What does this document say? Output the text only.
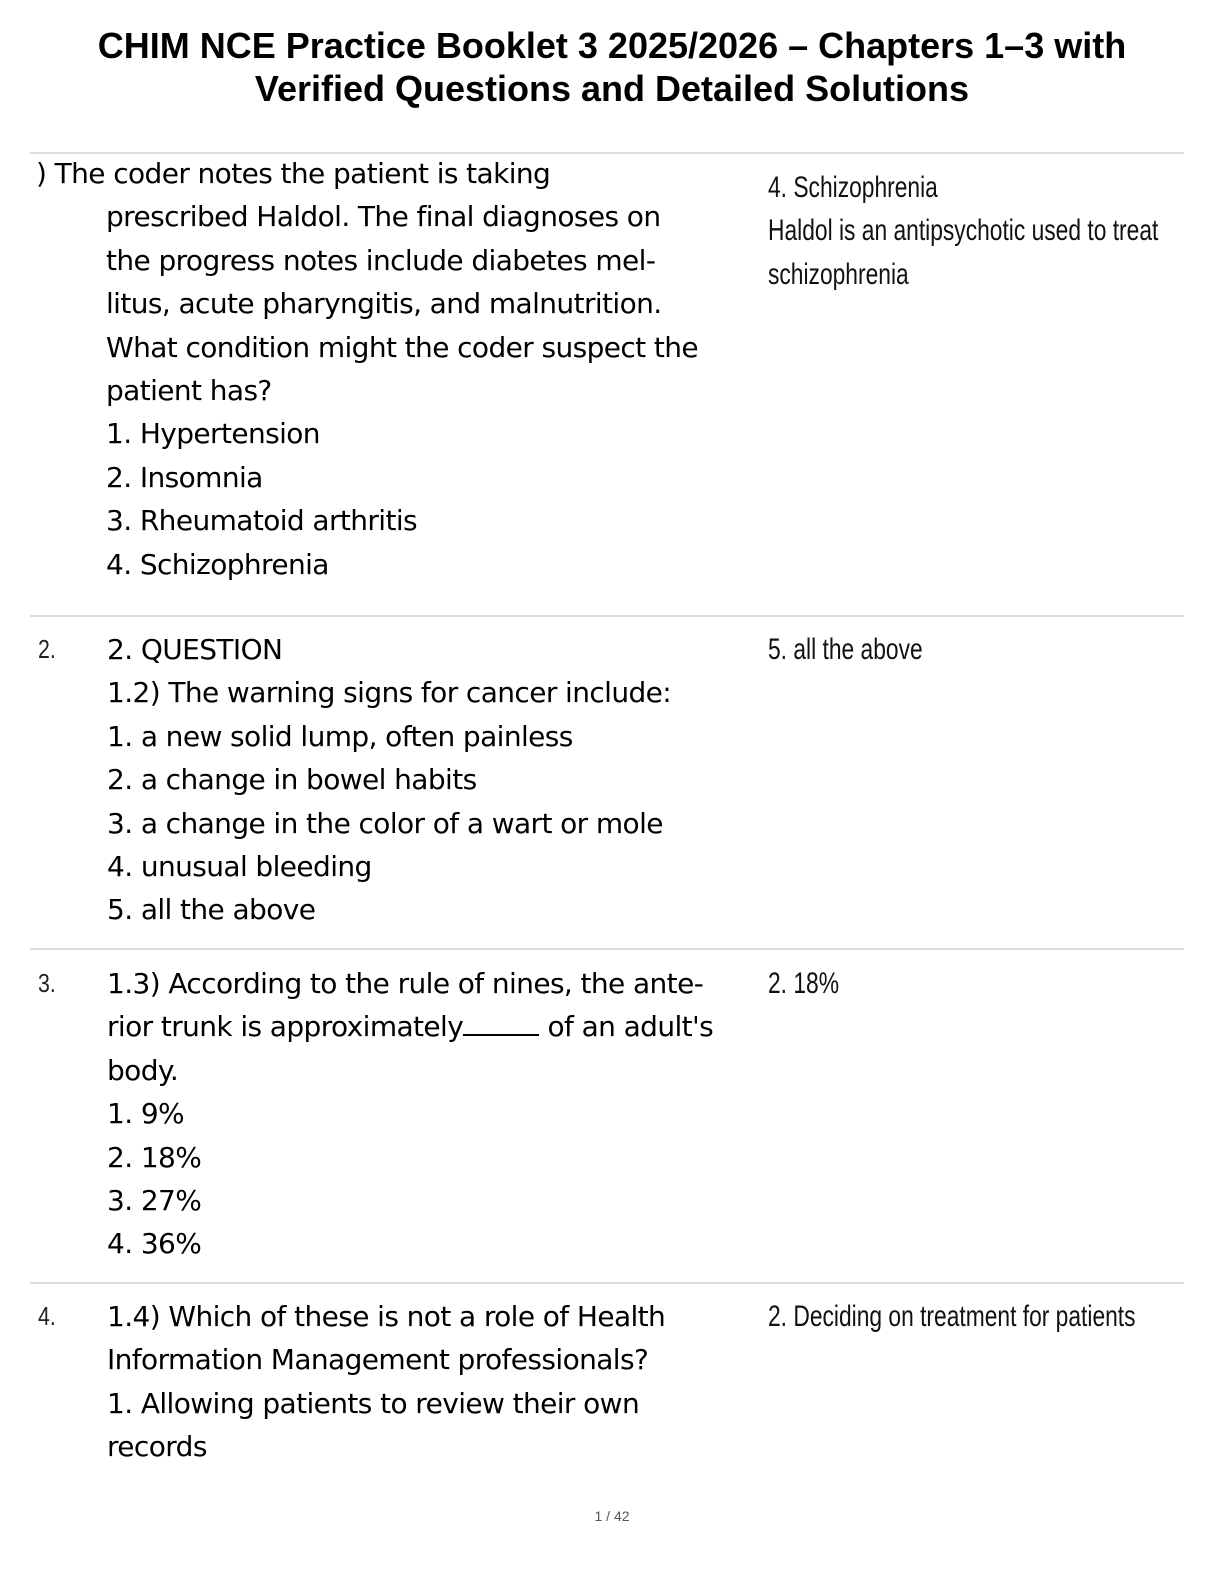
CHIM NCE Practice Booklet 3 2025/2026 – Chapters 1–3 with
Verified Questions and Detailed Solutions
) The coder notes the patient is taking
prescribed Haldol. The final diagnoses on
the progress notes include diabetes mel-
litus, acute pharyngitis, and malnutrition.
What condition might the coder suspect the
patient has?
1. Hypertension
2. Insomnia
3. Rheumatoid arthritis
4. Schizophrenia
4. Schizophrenia
Haldol is an antipsychotic used to treat
schizophrenia
2. 2. QUESTION
1.2) The warning signs for cancer include:
1. a new solid lump, often painless
2. a change in bowel habits
3. a change in the color of a wart or mole
4. unusual bleeding
5. all the above
5. all the above
3. 1.3) According to the rule of nines, the ante-
rior trunk is approximately	of an adult's
body.
1. 9%
2. 18%
3. 27%
4. 36%
2. 18%
4. 1.4) Which of these is not a role of Health
Information Management professionals?
1. Allowing patients to review their own
records
2. Deciding on treatment for patients
1 / 42
